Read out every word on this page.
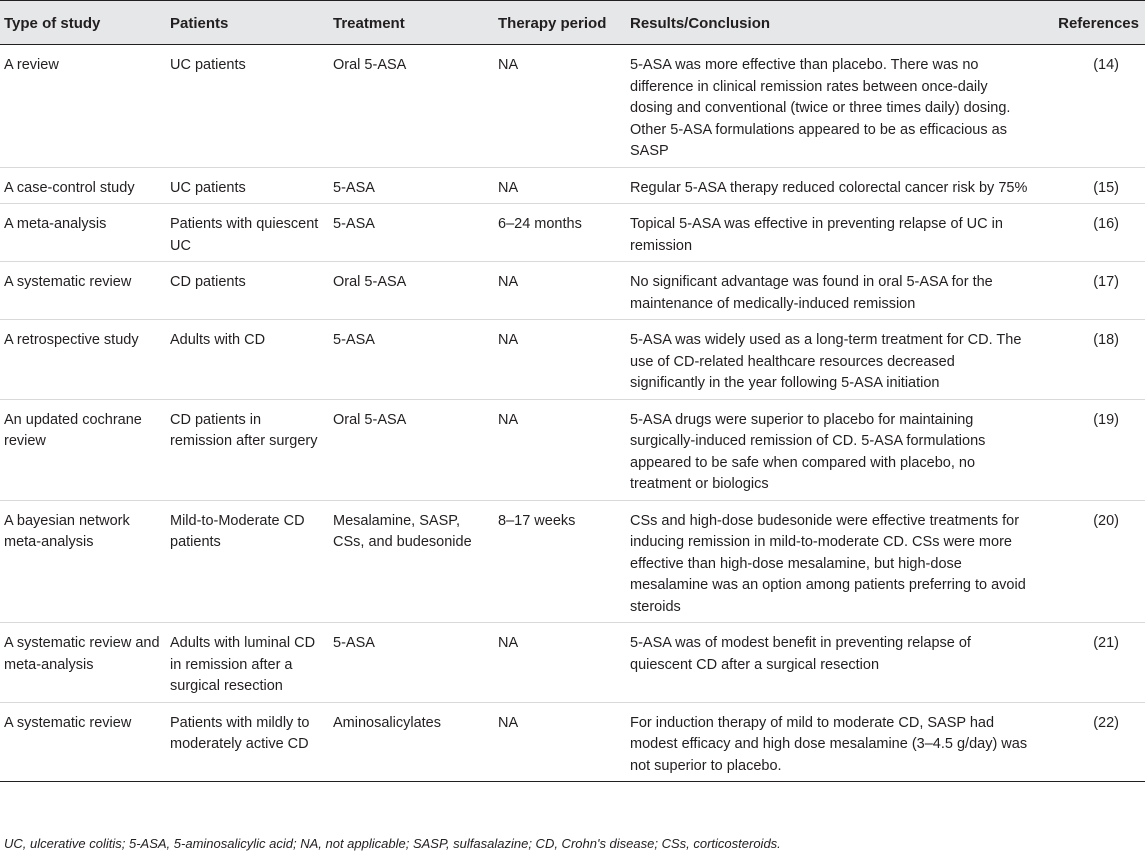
Type of study	Patients	Treatment	Therapy period	Results/Conclusion	References
A review	UC patients	Oral 5-ASA	NA	5-ASA was more effective than placebo. There was no difference in clinical remission rates between once-daily dosing and conventional (twice or three times daily) dosing. Other 5-ASA formulations appeared to be as efficacious as SASP	(14)
A case-control study	UC patients	5-ASA	NA	Regular 5-ASA therapy reduced colorectal cancer risk by 75%	(15)
A meta-analysis	Patients with quiescent UC	5-ASA	6–24 months	Topical 5-ASA was effective in preventing relapse of UC in remission	(16)
A systematic review	CD patients	Oral 5-ASA	NA	No significant advantage was found in oral 5-ASA for the maintenance of medically-induced remission	(17)
A retrospective study	Adults with CD	5-ASA	NA	5-ASA was widely used as a long-term treatment for CD. The use of CD-related healthcare resources decreased significantly in the year following 5-ASA initiation	(18)
An updated cochrane review	CD patients in remission after surgery	Oral 5-ASA	NA	5-ASA drugs were superior to placebo for maintaining surgically-induced remission of CD. 5-ASA formulations appeared to be safe when compared with placebo, no treatment or biologics	(19)
A bayesian network meta-analysis	Mild-to-Moderate CD patients	Mesalamine, SASP, CSs, and budesonide	8–17 weeks	CSs and high-dose budesonide were effective treatments for inducing remission in mild-to-moderate CD. CSs were more effective than high-dose mesalamine, but high-dose mesalamine was an option among patients preferring to avoid steroids	(20)
A systematic review and meta-analysis	Adults with luminal CD in remission after a surgical resection	5-ASA	NA	5-ASA was of modest benefit in preventing relapse of quiescent CD after a surgical resection	(21)
A systematic review	Patients with mildly to moderately active CD	Aminosalicylates	NA	For induction therapy of mild to moderate CD, SASP had modest efficacy and high dose mesalamine (3–4.5 g/day) was not superior to placebo.	(22)
UC, ulcerative colitis; 5-ASA, 5-aminosalicylic acid; NA, not applicable; SASP, sulfasalazine; CD, Crohn's disease; CSs, corticosteroids.
